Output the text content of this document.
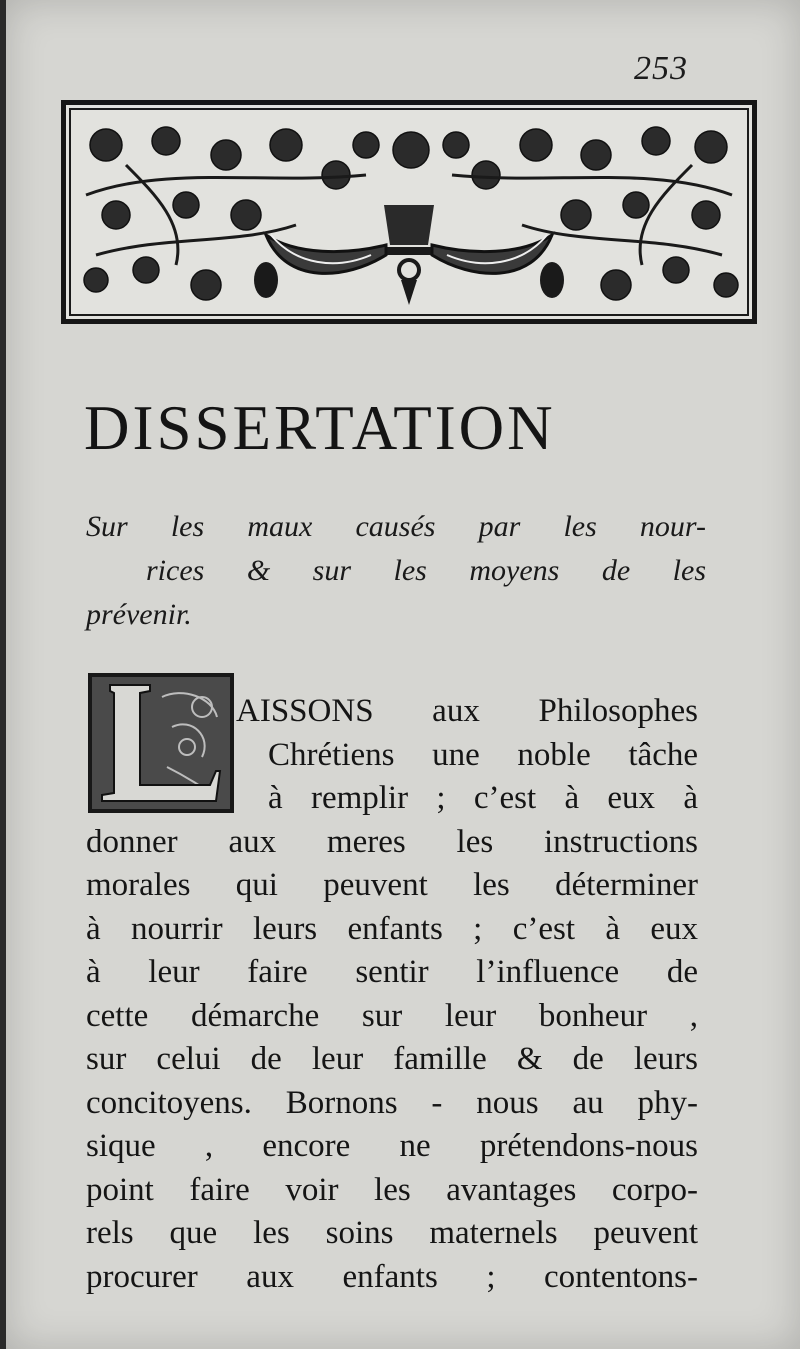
253
DISSERTATION
Sur les maux causés par les nour-
rices & sur les moyens de les
prévenir.
AISSONS aux Philosophes
Chrétiens une noble tâche
à remplir ; c’est à eux à
donner aux meres les instructions
morales qui peuvent les déterminer
à nourrir leurs enfants ; c’est à eux
à leur faire sentir l’influence de
cette démarche sur leur bonheur ,
sur celui de leur famille & de leurs
concitoyens. Bornons - nous au phy-
sique , encore ne prétendons-nous
point faire voir les avantages corpo-
rels que les soins maternels peuvent
procurer aux enfants ; contentons-
